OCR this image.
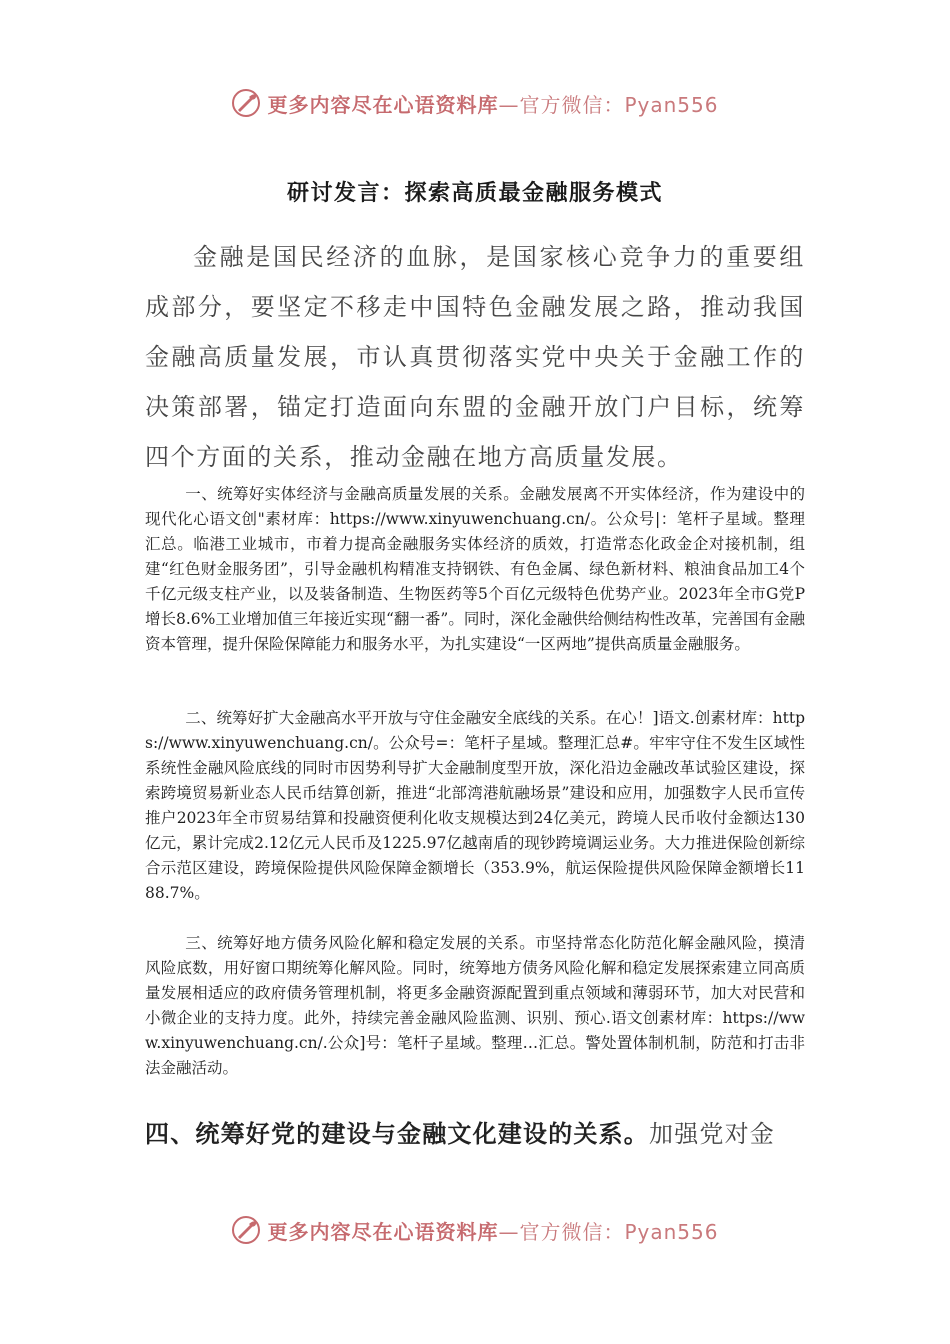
更多内容尽在心语资料库—官方微信：Pyan556
研讨发言：探索高质最金融服务模式

金融是国民经济的血脉，是国家核心竞争力的重要组成部分，要坚定不移走中国特色金融发展之路，推动我国金融高质量发展，市认真贯彻落实党中央关于金融工作的决策部署，锚定打造面向东盟的金融开放门户目标，统筹四个方面的关系，推动金融在地方高质量发展。

一、统筹好实体经济与金融高质量发展的关系。金融发展离不开实体经济，作为建设中的现代化心语文创"素材库：https://www.xinyuwenchuang.cn/。公众号|：笔杆子星域。整理汇总。临港工业城市，市着力提高金融服务实体经济的质效，打造常态化政金企对接机制，组建“红色财金服务团”，引导金融机构精准支持钢铁、有色金属、绿色新材料、粮油食品加工4个千亿元级支柱产业，以及装备制造、生物医药等5个百亿元级特色优势产业。2023年全市G党P增长8.6%工业增加值三年接近实现“翻一番”。同时，深化金融供给侧结构性改革，完善国有金融资本管理，提升保险保障能力和服务水平，为扎实建设“一区两地”提供高质量金融服务。

二、统筹好扩大金融高水平开放与守住金融安全底线的关系。在心！]语文.创素材库：https://www.xinyuwenchuang.cn/。公众号=：笔杆子星域。整理汇总#。牢牢守住不发生区域性系统性金融风险底线的同时市因势利导扩大金融制度型开放，深化沿边金融改革试验区建设，探索跨境贸易新业态人民币结算创新，推进“北部湾港航融场景”建设和应用，加强数字人民币宣传推户2023年全市贸易结算和投融资便利化收支规模达到24亿美元，跨境人民币收付金额达130亿元，累计完成2.12亿元人民币及1225.97亿越南盾的现钞跨境调运业务。大力推进保险创新综合示范区建设，跨境保险提供风险保障金额增长（353.9%，航运保险提供风险保障金额增长1188.7%。

三、统筹好地方债务风险化解和稳定发展的关系。市坚持常态化防范化解金融风险，摸清风险底数，用好窗口期统筹化解风险。同时，统筹地方债务风险化解和稳定发展探索建立同高质量发展相适应的政府债务管理机制，将更多金融资源配置到重点领域和薄弱环节，加大对民营和小微企业的支持力度。此外，持续完善金融风险监测、识别、预心.语文创素材库：https://www.xinyuwenchuang.cn/.公众]号：笔杆子星域。整理…汇总。警处置体制机制，防范和打击非法金融活动。

四、统筹好党的建设与金融文化建设的关系。加强党对金

更多内容尽在心语资料库—官方微信：Pyan556
